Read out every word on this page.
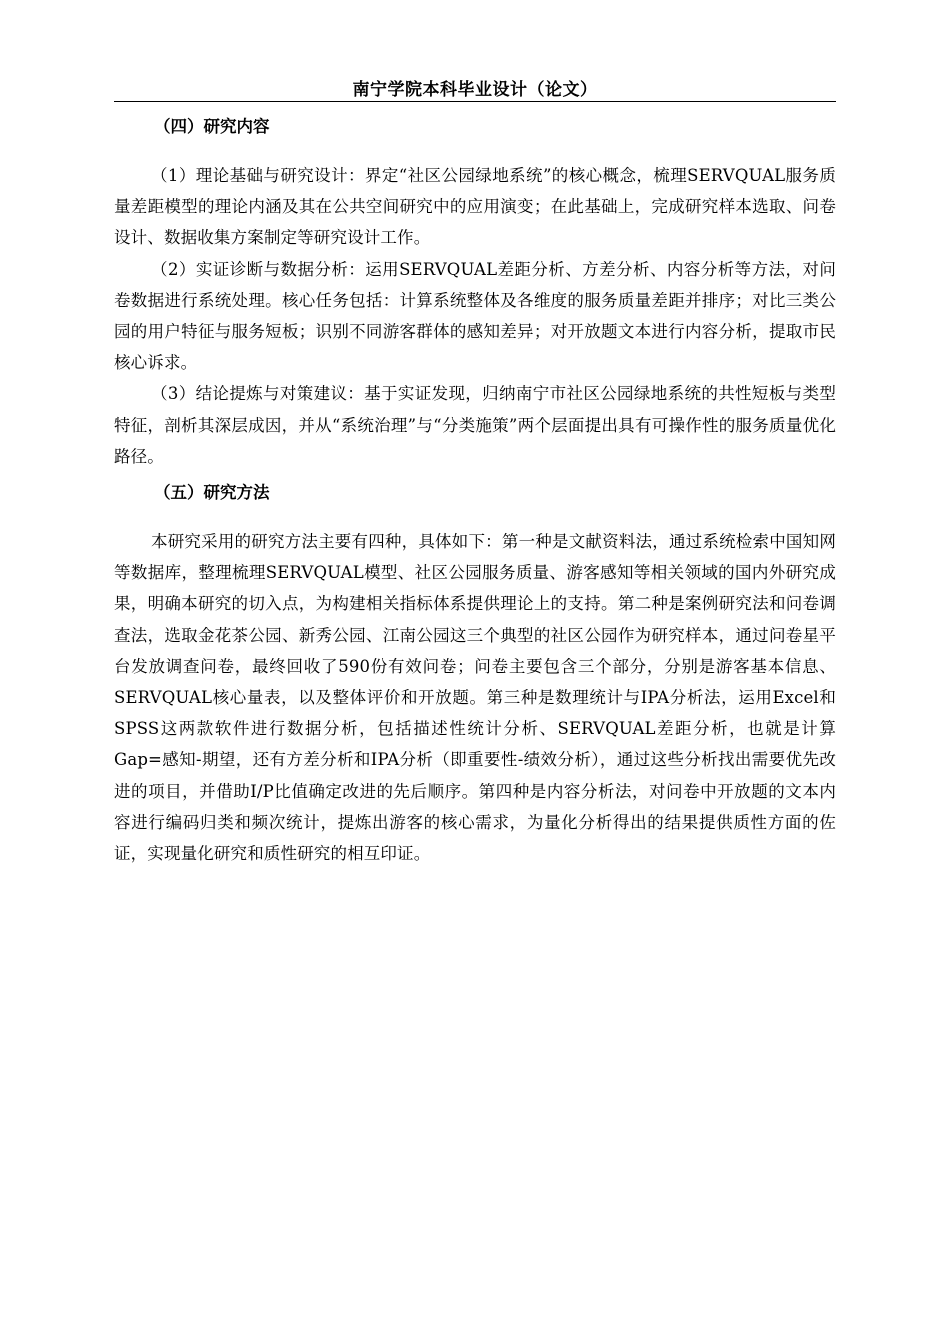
南宁学院本科毕业设计（论文）
（四）研究内容

（1）理论基础与研究设计：界定“社区公园绿地系统”的核心概念，梳理SERVQUAL服务质量差距模型的理论内涵及其在公共空间研究中的应用演变；在此基础上，完成研究样本选取、问卷设计、数据收集方案制定等研究设计工作。

（2）实证诊断与数据分析：运用SERVQUAL差距分析、方差分析、内容分析等方法，对问卷数据进行系统处理。核心任务包括：计算系统整体及各维度的服务质量差距并排序；对比三类公园的用户特征与服务短板；识别不同游客群体的感知差异；对开放题文本进行内容分析，提取市民核心诉求。

（3）结论提炼与对策建议：基于实证发现，归纳南宁市社区公园绿地系统的共性短板与类型特征，剖析其深层成因，并从“系统治理”与“分类施策”两个层面提出具有可操作性的服务质量优化路径。

（五）研究方法

本研究采用的研究方法主要有四种，具体如下：第一种是文献资料法，通过系统检索中国知网等数据库，整理梳理SERVQUAL模型、社区公园服务质量、游客感知等相关领域的国内外研究成果，明确本研究的切入点，为构建相关指标体系提供理论上的支持。第二种是案例研究法和问卷调查法，选取金花茶公园、新秀公园、江南公园这三个典型的社区公园作为研究样本，通过问卷星平台发放调查问卷，最终回收了590份有效问卷；问卷主要包含三个部分，分别是游客基本信息、SERVQUAL核心量表，以及整体评价和开放题。第三种是数理统计与IPA分析法，运用Excel和SPSS这两款软件进行数据分析，包括描述性统计分析、SERVQUAL差距分析，也就是计算Gap=感知-期望，还有方差分析和IPA分析（即重要性-绩效分析），通过这些分析找出需要优先改进的项目，并借助I/P比值确定改进的先后顺序。第四种是内容分析法，对问卷中开放题的文本内容进行编码归类和频次统计，提炼出游客的核心需求，为量化分析得出的结果提供质性方面的佐证，实现量化研究和质性研究的相互印证。
